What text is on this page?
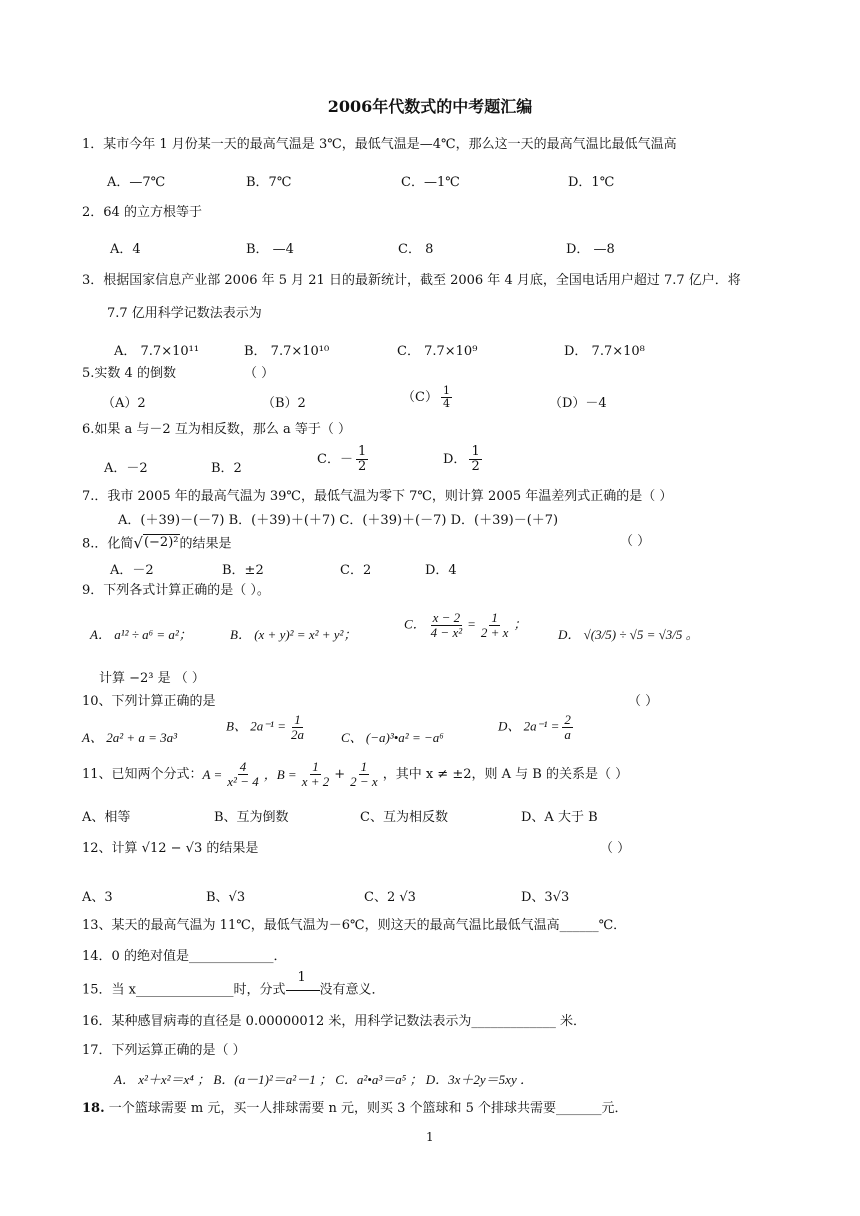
2006年代数式的中考题汇编
1．某市今年 1 月份某一天的最高气温是 3℃，最低气温是—4℃，那么这一天的最高气温比最低气温高
A．—7℃	B．7℃	C．—1℃	D．1℃
2．64 的立方根等于
A．4	B． —4	C． 8	D． —8
3．根据国家信息产业部 2006 年 5 月 21 日的最新统计，截至 2006 年 4 月底，全国电话用户超过 7.7 亿户．将
7.7 亿用科学记数法表示为
A． 7.7×10¹¹	B． 7.7×10¹⁰	C． 7.7×10⁹	D． 7.7×10⁸
5.实数 4 的倒数	（ ）
（A）2	（B）2	$(C) \frac{1}{4}$	（D）－4
6.如果 a 与－2 互为相反数，那么 a 等于（ ）
A．－2	B．2
C．－ $\frac{1}{2}$	D． $\frac{1}{2}$
7.．我市 2005 年的最高气温为 39℃，最低气温为零下 7℃，则计算 2005 年温差列式正确的是（ ）
A．(＋39)－(－7) B．(＋39)＋(＋7) C．(＋39)＋(－7) D．(＋39)－(＋7)
8.．化简 √ (−2)² 的结果是	（ ）
A．－2	B．±2	C．2	D．4
9．下列各式计算正确的是（ ）。
A． a¹² ÷ a⁶ = a²；	B． (x + y)² = x² + y²；
C． $\frac{x - 2}{\text{4 − x²}} = \frac{1}{2 + x}$ ；
D． √(3/5) ÷ √5 = √3/5 。
计算 −2³ 是 （ ）
10、下列计算正确的是	（ ）
A、 2a² + a = 3a³
B、 $2a^{-1} = \frac{1}{2a}$	C、 (−a)³•a² = −a⁶
D、 $2a^{-1} = \frac{2}{a}$
11、已知两个分式： $A = \frac{4}{\text{x² − 4}}$ ，$B = \frac{1}{x + 2} + \frac{1}{2 - x}$ ，其中 x ≠ ±2，则 A 与 B 的关系是（ ）
A、相等	B、互为倒数	C、互为相反数	D、A 大于 B
12、计算 √12 − √3 的结果是	（ ）
A、3	B、√3	C、2 √3	D、3√3
13、某天的最高气温为 11℃，最低气温为－6℃，则这天的最高气温比最低气温高______℃．
14．0 的绝对值是_____________．
15．当 x_______________时，分式
1
没有意义．
16．某种感冒病毒的直径是 0.00000012 米，用科学记数法表示为_____________ 米．
17．下列运算正确的是（ ）
A． x²＋x²＝x⁴ ； B．(a－1)²＝a²－1 ； C．a²•a³＝a⁵ ； D．3x＋2y＝5xy ．
18. 一个篮球需要 m 元，买一人排球需要 n 元，则买 3 个篮球和 5 个排球共需要_______元．
1
